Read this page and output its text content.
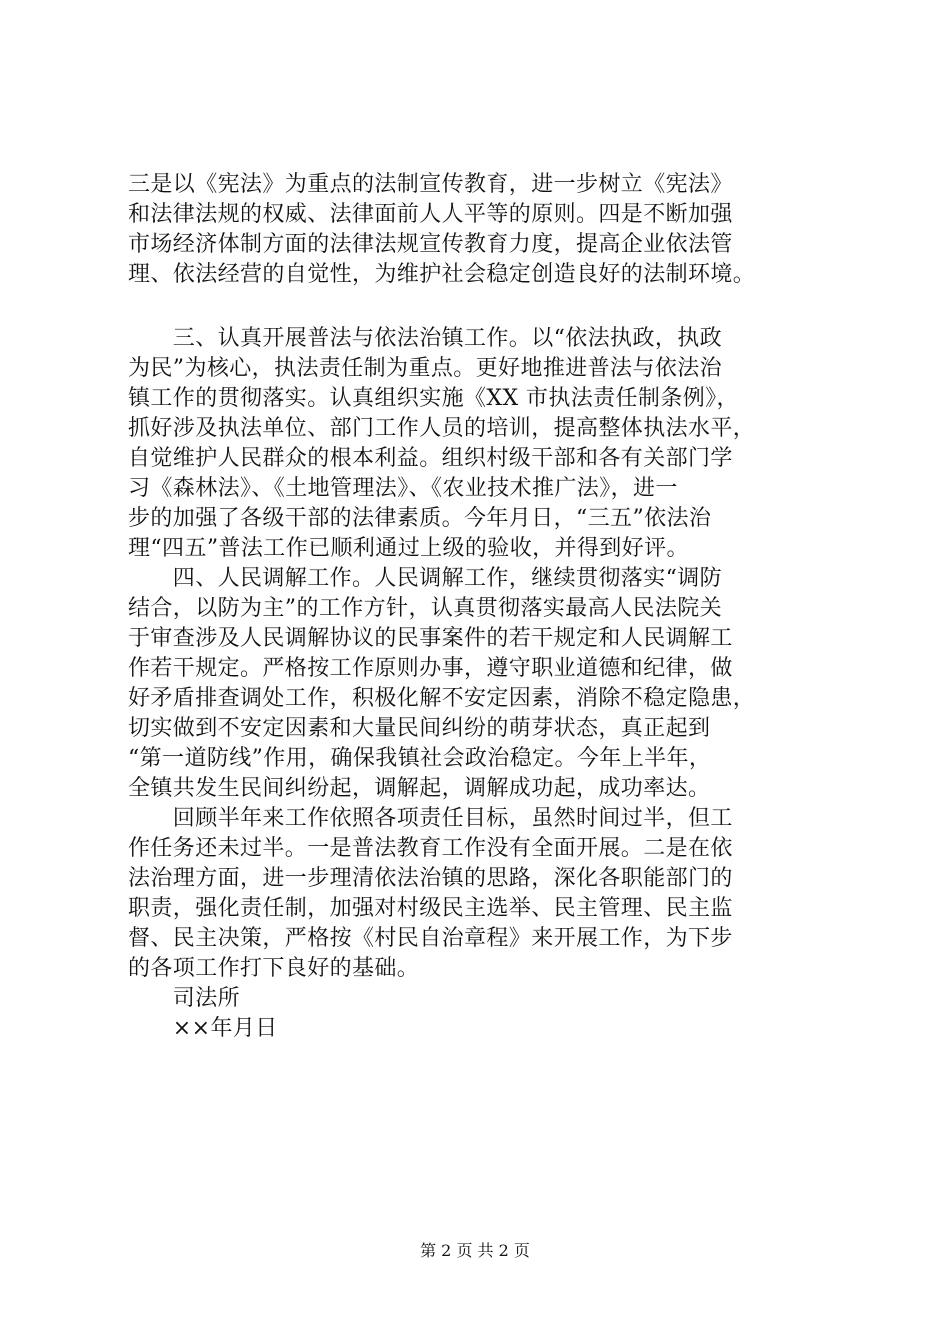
三是以《宪法》为重点的法制宣传教育，进一步树立《宪法》
和法律法规的权威、法律面前人人平等的原则。四是不断加强
市场经济体制方面的法律法规宣传教育力度，提高企业依法管
理、依法经营的自觉性，为维护社会稳定创造良好的法制环境。
　　三、认真开展普法与依法治镇工作。以“依法执政，执政
为民”为核心，执法责任制为重点。更好地推进普法与依法治
镇工作的贯彻落实。认真组织实施《XX 市执法责任制条例》，
抓好涉及执法单位、部门工作人员的培训，提高整体执法水平，
自觉维护人民群众的根本利益。组织村级干部和各有关部门学
习《森林法》、《土地管理法》、《农业技术推广法》，进一
步的加强了各级干部的法律素质。今年月日，“三五”依法治
理“四五”普法工作已顺利通过上级的验收，并得到好评。
　　四、人民调解工作。人民调解工作，继续贯彻落实“调防
结合，以防为主”的工作方针，认真贯彻落实最高人民法院关
于审查涉及人民调解协议的民事案件的若干规定和人民调解工
作若干规定。严格按工作原则办事，遵守职业道德和纪律，做
好矛盾排查调处工作，积极化解不安定因素，消除不稳定隐患，
切实做到不安定因素和大量民间纠纷的萌芽状态，真正起到
“第一道防线”作用，确保我镇社会政治稳定。今年上半年，
全镇共发生民间纠纷起，调解起，调解成功起，成功率达。
　　回顾半年来工作依照各项责任目标，虽然时间过半，但工
作任务还未过半。一是普法教育工作没有全面开展。二是在依
法治理方面，进一步理清依法治镇的思路，深化各职能部门的
职责，强化责任制，加强对村级民主选举、民主管理、民主监
督、民主决策，严格按《村民自治章程》来开展工作，为下步
的各项工作打下良好的基础。
　　司法所
　　××年月日
第 2 页 共 2 页
